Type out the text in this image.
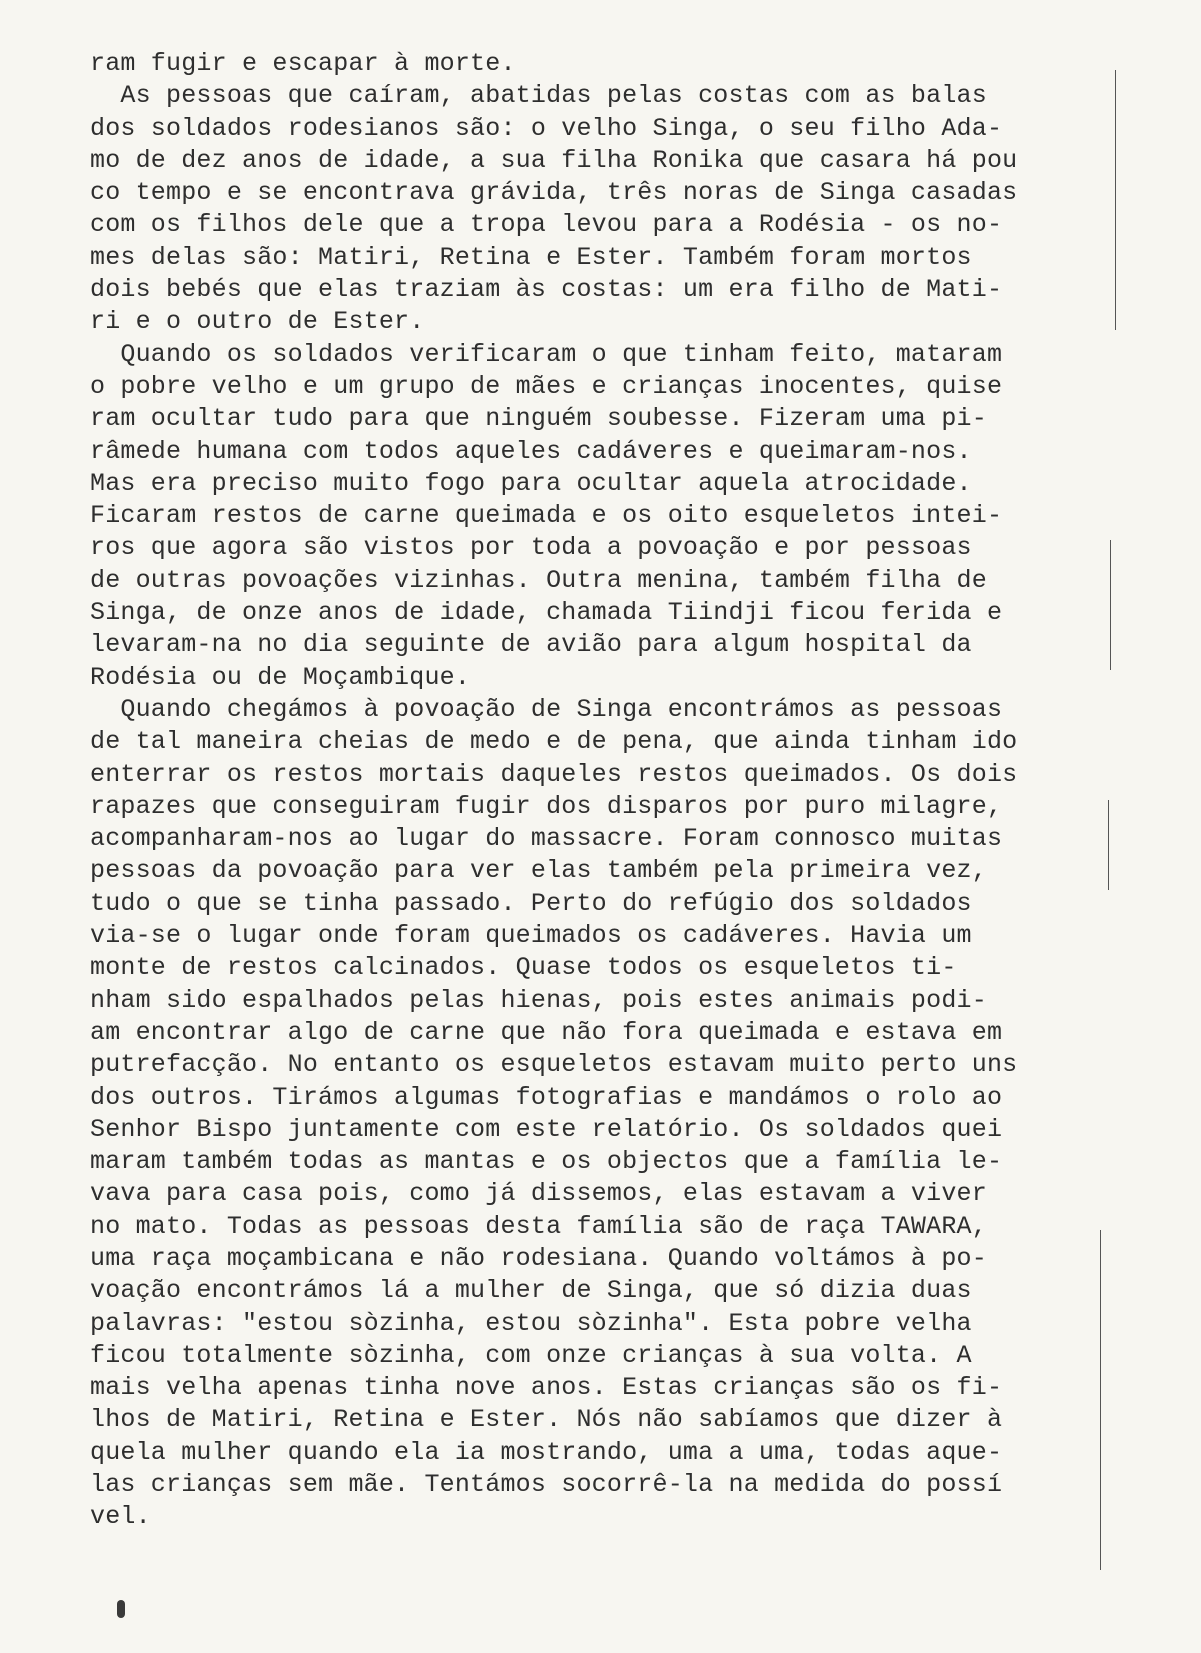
ram fugir e escapar à morte.
As pessoas que caíram, abatidas pelas costas com as balas
dos soldados rodesianos são: o velho Singa, o seu filho Ada-
mo de dez anos de idade, a sua filha Ronika que casara há pou
co tempo e se encontrava grávida, três noras de Singa casadas
com os filhos dele que a tropa levou para a Rodésia - os no-
mes delas são: Matiri, Retina e Ester. Também foram mortos
dois bebés que elas traziam às costas: um era filho de Mati-
ri e o outro de Ester.
Quando os soldados verificaram o que tinham feito, mataram
o pobre velho e um grupo de mães e crianças inocentes, quise
ram ocultar tudo para que ninguém soubesse. Fizeram uma pi-
râmede humana com todos aqueles cadáveres e queimaram-nos.
Mas era preciso muito fogo para ocultar aquela atrocidade.
Ficaram restos de carne queimada e os oito esqueletos intei-
ros que agora são vistos por toda a povoação e por pessoas
de outras povoações vizinhas. Outra menina, também filha de
Singa, de onze anos de idade, chamada Tiindji ficou ferida e
levaram-na no dia seguinte de avião para algum hospital da
Rodésia ou de Moçambique.
Quando chegámos à povoação de Singa encontrámos as pessoas
de tal maneira cheias de medo e de pena, que ainda tinham ido
enterrar os restos mortais daqueles restos queimados. Os dois
rapazes que conseguiram fugir dos disparos por puro milagre,
acompanharam-nos ao lugar do massacre. Foram connosco muitas
pessoas da povoação para ver elas também pela primeira vez,
tudo o que se tinha passado. Perto do refúgio dos soldados
via-se o lugar onde foram queimados os cadáveres. Havia um
monte de restos calcinados. Quase todos os esqueletos ti-
nham sido espalhados pelas hienas, pois estes animais podi-
am encontrar algo de carne que não fora queimada e estava em
putrefacção. No entanto os esqueletos estavam muito perto uns
dos outros. Tirámos algumas fotografias e mandámos o rolo ao
Senhor Bispo juntamente com este relatório. Os soldados quei
maram também todas as mantas e os objectos que a família le-
vava para casa pois, como já dissemos, elas estavam a viver
no mato. Todas as pessoas desta família são de raça TAWARA,
uma raça moçambicana e não rodesiana. Quando voltámos à po-
voação encontrámos lá a mulher de Singa, que só dizia duas
palavras: "estou sòzinha, estou sòzinha". Esta pobre velha
ficou totalmente sòzinha, com onze crianças à sua volta. A
mais velha apenas tinha nove anos. Estas crianças são os fi-
lhos de Matiri, Retina e Ester. Nós não sabíamos que dizer à
quela mulher quando ela ia mostrando, uma a uma, todas aque-
las crianças sem mãe. Tentámos socorrê-la na medida do possí
vel.
